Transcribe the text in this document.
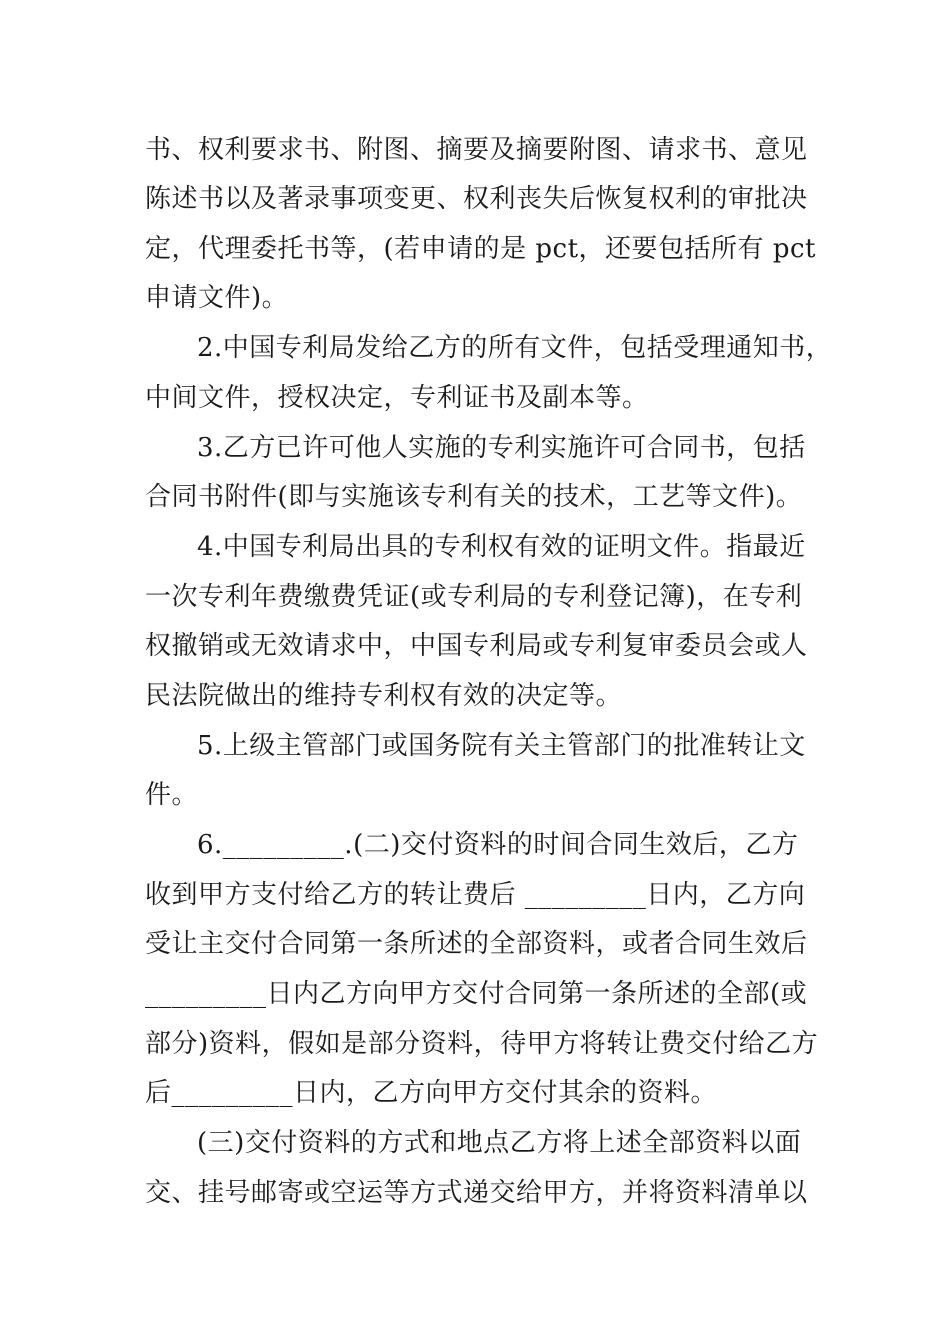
书、权利要求书、附图、摘要及摘要附图、请求书、意见
陈述书以及著录事项变更、权利丧失后恢复权利的审批决
定，代理委托书等，(若申请的是 pct，还要包括所有 pct
申请文件)。
2.中国专利局发给乙方的所有文件，包括受理通知书，
中间文件，授权决定，专利证书及副本等。
3.乙方已许可他人实施的专利实施许可合同书，包括
合同书附件(即与实施该专利有关的技术，工艺等文件)。
4.中国专利局出具的专利权有效的证明文件。指最近
一次专利年费缴费凭证(或专利局的专利登记簿)，在专利
权撤销或无效请求中，中国专利局或专利复审委员会或人
民法院做出的维持专利权有效的决定等。
5.上级主管部门或国务院有关主管部门的批准转让文
件。
6._________.(二)交付资料的时间合同生效后，乙方
收到甲方支付给乙方的转让费后 _________日内，乙方向
受让主交付合同第一条所述的全部资料，或者合同生效后
_________日内乙方向甲方交付合同第一条所述的全部(或
部分)资料，假如是部分资料，待甲方将转让费交付给乙方
后_________日内，乙方向甲方交付其余的资料。
(三)交付资料的方式和地点乙方将上述全部资料以面
交、挂号邮寄或空运等方式递交给甲方，并将资料清单以
